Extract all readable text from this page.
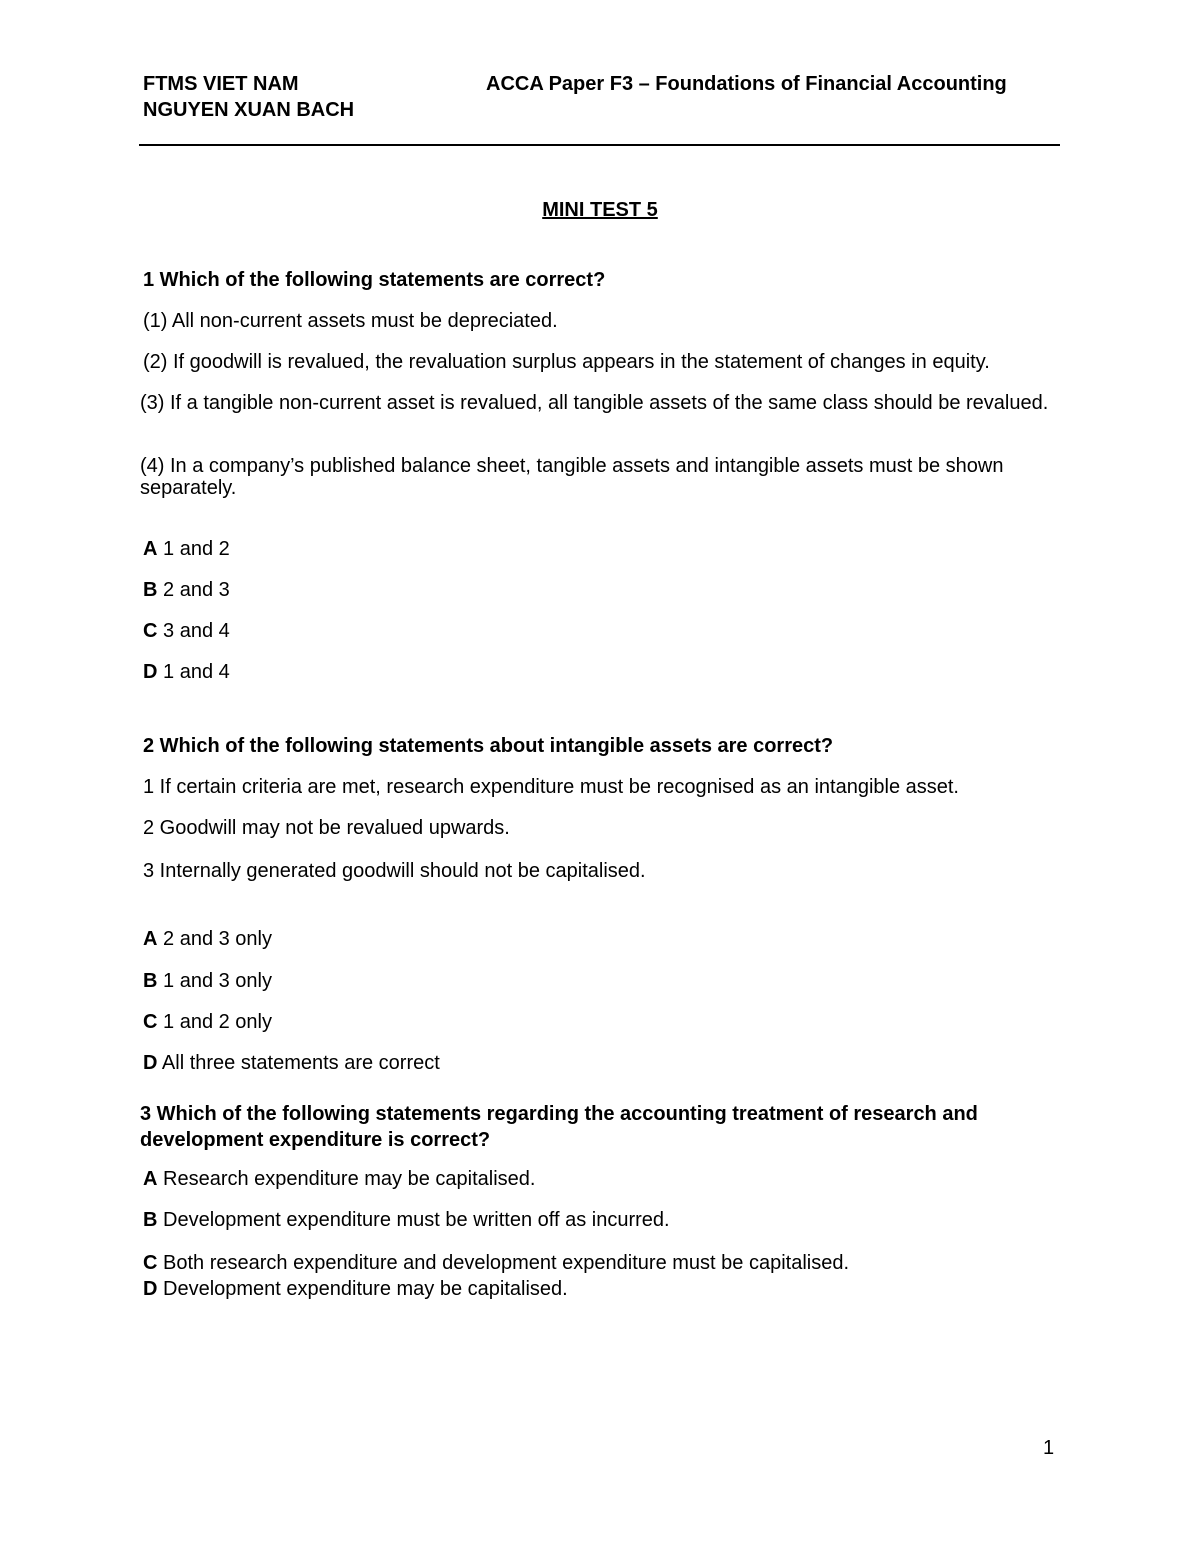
FTMS VIET NAM
NGUYEN XUAN BACH
ACCA Paper F3 – Foundations of Financial Accounting
MINI TEST 5
1 Which of the following statements are correct?
(1) All non-current assets must be depreciated.
(2) If goodwill is revalued, the revaluation surplus appears in the statement of changes in equity.
(3) If a tangible non-current asset is revalued, all tangible assets of the same class should be revalued.
(4) In a company’s published balance sheet, tangible assets and intangible assets must be shown separately.
A 1 and 2
B 2 and 3
C 3 and 4
D 1 and 4
2 Which of the following statements about intangible assets are correct?
1 If certain criteria are met, research expenditure must be recognised as an intangible asset.
2 Goodwill may not be revalued upwards.
3 Internally generated goodwill should not be capitalised.
A 2 and 3 only
B 1 and 3 only
C 1 and 2 only
D All three statements are correct
3 Which of the following statements regarding the accounting treatment of research and development expenditure is correct?
A Research expenditure may be capitalised.
B Development expenditure must be written off as incurred.
C Both research expenditure and development expenditure must be capitalised.
D Development expenditure may be capitalised.
1
